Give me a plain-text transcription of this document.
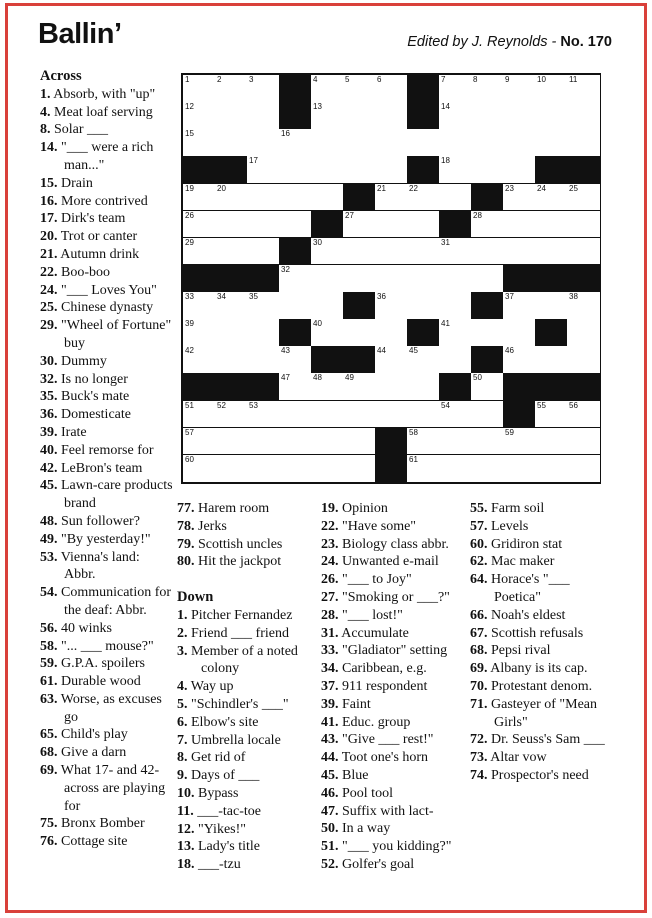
Ballin’	Edited by J. Reynolds - No. 170
1	2	3	4	5	6	7	8	9	10	11
12	13	14
15	16
17	18
19	20	21	22	23	24	25
26	27	28
29	30	31
32
33	34	35	36	37	38
39	40	41
42	43	44	45	46
47	48	49	50
51	52	53	54	55	56
57	58	59
60	61
Across
1. Absorb, with "up"
4. Meat loaf serving
8. Solar ___
14. "___ were a rich man..."
15. Drain
16. More contrived
17. Dirk's team
20. Trot or canter
21. Autumn drink
22. Boo-boo
24. "___ Loves You"
25. Chinese dynasty
29. "Wheel of Fortune" buy
30. Dummy
32. Is no longer
35. Buck's mate
36. Domesticate
39. Irate
40. Feel remorse for
42. LeBron's team
45. Lawn-care products brand
48. Sun follower?
49. "By yesterday!"
53. Vienna's land: Abbr.
54. Communication for the deaf: Abbr.
56. 40 winks
58. "... ___ mouse?"
59. G.P.A. spoilers
61. Durable wood
63. Worse, as excuses go
65. Child's play
68. Give a darn
69. What 17- and 42- across are playing for
75. Bronx Bomber
76. Cottage site
77. Harem room
78. Jerks
79. Scottish uncles
80. Hit the jackpot
Down
1. Pitcher Fernandez
2. Friend ___ friend
3. Member of a noted colony
4. Way up
5. "Schindler's ___"
6. Elbow's site
7. Umbrella locale
8. Get rid of
9. Days of ___
10. Bypass
11. ___-tac-toe
12. "Yikes!"
13. Lady's title
18. ___-tzu
19. Opinion
22. "Have some"
23. Biology class abbr.
24. Unwanted e-mail
26. "___ to Joy"
27. "Smoking or ___?"
28. "___ lost!"
31. Accumulate
33. "Gladiator" setting
34. Caribbean, e.g.
37. 911 respondent
39. Faint
41. Educ. group
43. "Give ___ rest!"
44. Toot one's horn
45. Blue
46. Pool tool
47. Suffix with lact-
50. In a way
51. "___ you kidding?"
52. Golfer's goal
55. Farm soil
57. Levels
60. Gridiron stat
62. Mac maker
64. Horace's "___ Poetica"
66. Noah's eldest
67. Scottish refusals
68. Pepsi rival
69. Albany is its cap.
70. Protestant denom.
71. Gasteyer of "Mean Girls"
72. Dr. Seuss's Sam ___
73. Altar vow
74. Prospector's need
